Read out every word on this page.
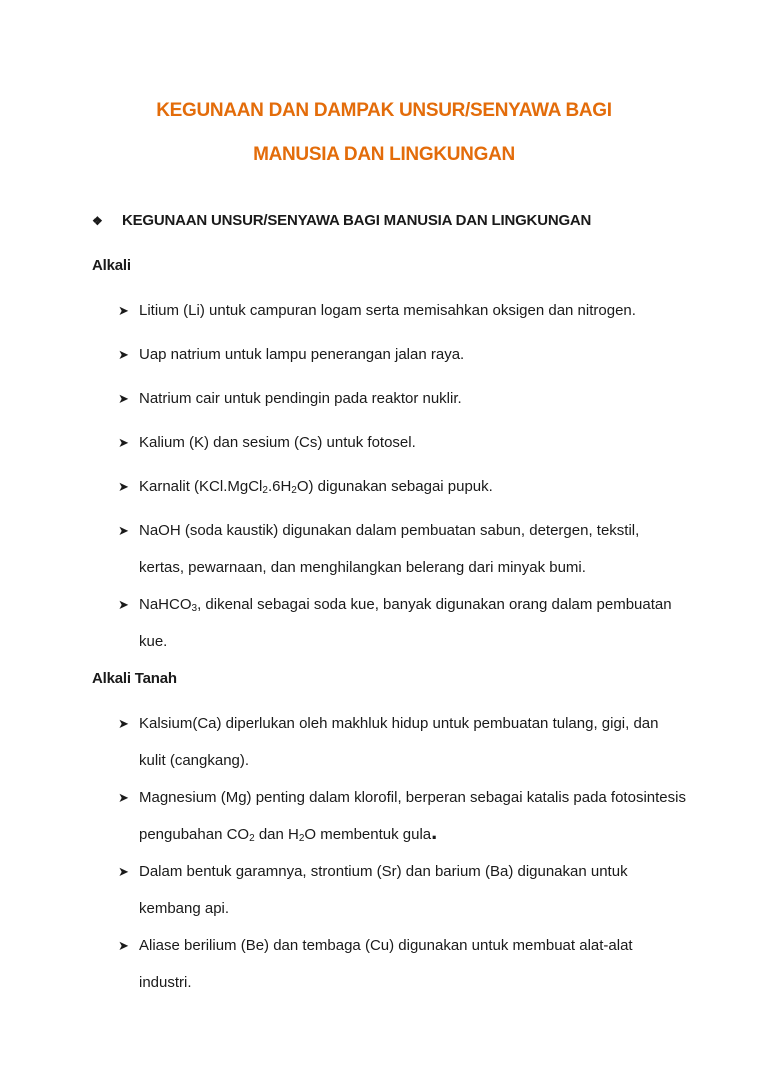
KEGUNAAN DAN DAMPAK UNSUR/SENYAWA BAGI
MANUSIA DAN LINGKUNGAN
❖ KEGUNAAN UNSUR/SENYAWA BAGI MANUSIA DAN LINGKUNGAN
Alkali
➤ Litium (Li) untuk campuran logam serta memisahkan oksigen dan nitrogen.
➤ Uap natrium untuk lampu penerangan jalan raya.
➤ Natrium cair untuk pendingin pada reaktor nuklir.
➤ Kalium (K) dan sesium (Cs) untuk fotosel.
➤ Karnalit $(KCl.MgCl_2.6H_2O)$ digunakan sebagai pupuk.
➤ NaOH (soda kaustik) digunakan dalam pembuatan sabun, detergen, tekstil, kertas, pewarnaan, dan menghilangkan belerang dari minyak bumi.
➤ NaHCO$_3$, dikenal sebagai soda kue, banyak digunakan orang dalam pembuatan kue.
Alkali Tanah
➤ Kalsium(Ca) diperlukan oleh makhluk hidup untuk pembuatan tulang, gigi, dan kulit (cangkang).
➤ Magnesium (Mg) penting dalam klorofil, berperan sebagai katalis pada fotosintesis pengubahan $CO_2$ dan $H_2O$ membentuk gula.
➤ Dalam bentuk garamnya, strontium (Sr) dan barium (Ba) digunakan untuk kembang api.
➤ Aliase berilium (Be) dan tembaga (Cu) digunakan untuk membuat alat-alat industri.
